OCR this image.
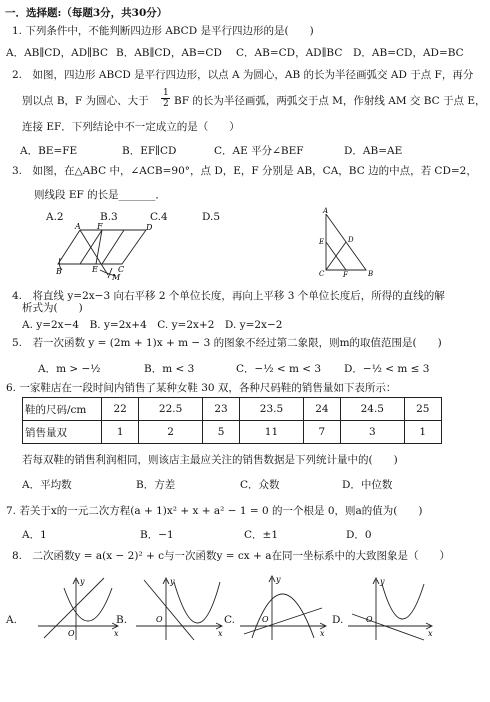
一．选择题:（每题3分，共30分）
1. 下列条件中，不能判断四边形 ABCD 是平行四边形的是(　　)
A．AB∥CD，AD∥BC B．AB∥CD，AB=CD C．AB=CD，AD∥BC D．AB=CD，AD=BC
2.　如图，四边形 ABCD 是平行四边形，以点 A 为圆心，AB 的长为半径画弧交 AD 于点 F，再分
别以点 B，F 为圆心、大于
1
2 BF 的长为半径画弧，两弧交于点 M，作射线 AM 交 BC 于点 E，
连接 EF．下列结论中不一定成立的是（　　）
A．BE=FE	B．EF∥CD	C．AE 平分∠BEF	D．AB=AE
3.　如图，在△ABC 中，∠ACB=90°，点 D，E，F 分别是 AB，CA，BC 边的中点，若 CD=2，
则线段 EF 的长是_______．
A.2	B.3	C.4	D.5
A F	D
B	E	C
M
A
E	D
C	F	B
4.　将直线 y=2x−3 向右平移 2 个单位长度，再向上平移 3 个单位长度后，所得的直线的解
析式为(　　)
A. y=2x−4　B. y=2x+4　C. y=2x+2　D. y=2x−2
5.　若一次函数 y = (2m + 1)x + m − 3 的图象不经过第二象限，则m的取值范围是(　　)
A．m > −½	B．m < 3	C．−½ < m < 3 D．−½ < m ≤ 3
6. 一家鞋店在一段时间内销售了某种女鞋 30 双，各种尺码鞋的销售量如下表所示：
鞋的尺码/cm	22	22.5	23	23.5	24	24.5	25
销售量双	1	2	5	11	7	3	1
若每双鞋的销售利润相同，则该店主最应关注的销售数据是下列统计量中的(　　)
A．平均数	B．方差	C．众数	D．中位数
7. 若关于x的一元二次方程(a + 1)x² + x + a² − 1 = 0 的一个根是 0，则a的值为(　　)
A．1	B．−1	C．±1	D．0
8.　二次函数y = a(x − 2)² + c与一次函数y = cx + a在同一坐标系中的大致图象是（　　）
A.	B.	C.	D.
y
x
O
y
x
O
y
x
O
y
x
O
